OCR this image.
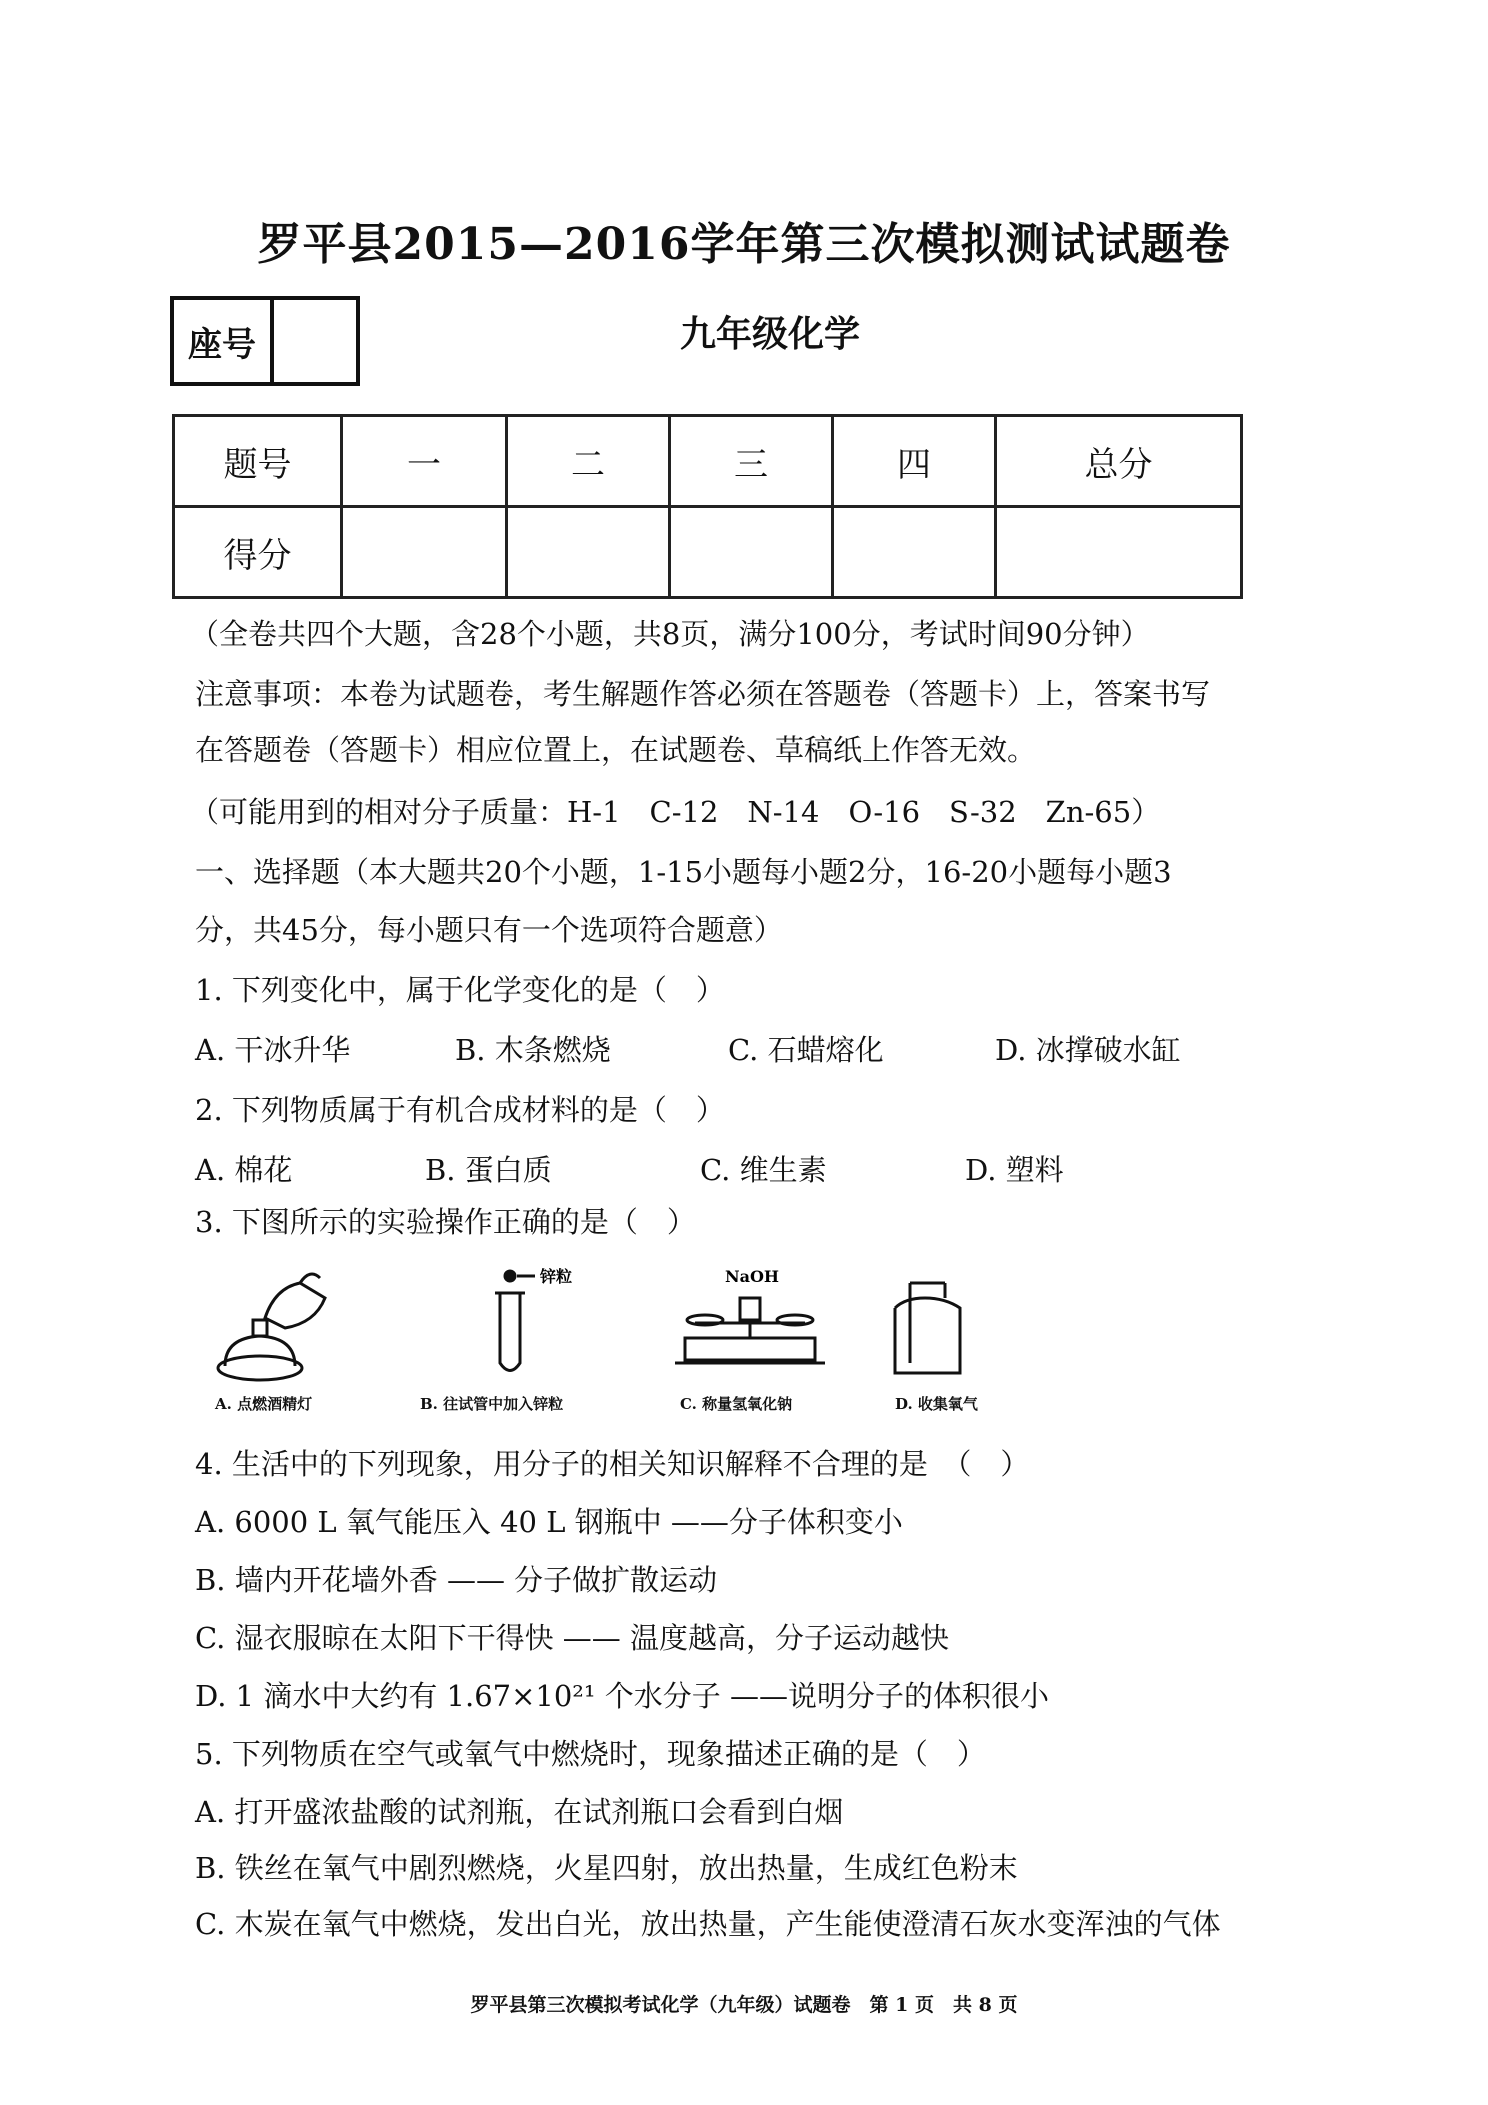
罗平县2015—2016学年第三次模拟测试试题卷
座号	九年级化学
题号	一	二	三	四	总分
得分					
（全卷共四个大题，含28个小题，共8页，满分100分，考试时间90分钟）
注意事项：本卷为试题卷，考生解题作答必须在答题卷（答题卡）上，答案书写
在答题卷（答题卡）相应位置上，在试题卷、草稿纸上作答无效。
（可能用到的相对分子质量：H-1　C-12　N-14　O-16　S-32　Zn-65）
一、选择题（本大题共20个小题，1-15小题每小题2分，16-20小题每小题3
分，共45分，每小题只有一个选项符合题意）
1. 下列变化中，属于化学变化的是（　）
A. 干冰升华	B. 木条燃烧	C. 石蜡熔化	D. 冰撑破水缸
2. 下列物质属于有机合成材料的是（　）
A. 棉花	B. 蛋白质	C. 维生素	D. 塑料
3. 下图所示的实验操作正确的是（　）
锌粒	NaOH
A. 点燃酒精灯	B. 往试管中加入锌粒	C. 称量氢氧化钠	D. 收集氧气
4. 生活中的下列现象，用分子的相关知识解释不合理的是　（　）
A. 6000 L 氧气能压入 40 L 钢瓶中 ——分子体积变小
B. 墙内开花墙外香 —— 分子做扩散运动
C. 湿衣服晾在太阳下干得快 —— 温度越高，分子运动越快
D. 1 滴水中大约有 1.67×10²¹ 个水分子 ——说明分子的体积很小
5. 下列物质在空气或氧气中燃烧时，现象描述正确的是（　）
A. 打开盛浓盐酸的试剂瓶，在试剂瓶口会看到白烟
B. 铁丝在氧气中剧烈燃烧，火星四射，放出热量，生成红色粉末
C. 木炭在氧气中燃烧，发出白光，放出热量，产生能使澄清石灰水变浑浊的气体
罗平县第三次模拟考试化学（九年级）试题卷　第 1 页　共 8 页
